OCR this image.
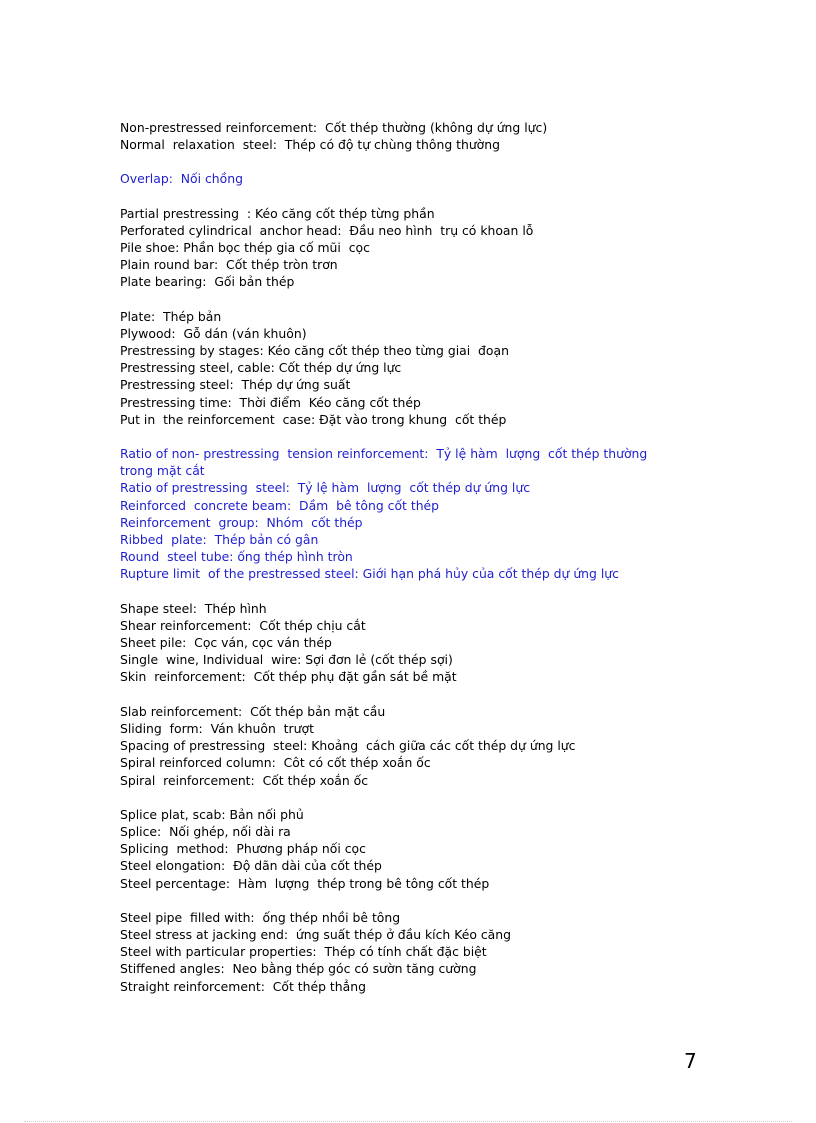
Non-prestressed reinforcement:  Cốt thép thường (không dự ứng lực)
Normal  relaxation  steel:  Thép có độ tự chùng thông thường
Overlap:  Nối chồng
Partial prestressing  : Kéo căng cốt thép từng phần
Perforated cylindrical  anchor head:  Đầu neo hình  trụ có khoan lỗ
Pile shoe: Phần bọc thép gia cố mũi  cọc
Plain round bar:  Cốt thép tròn trơn
Plate bearing:  Gối bản thép
Plate:  Thép bản
Plywood:  Gỗ dán (ván khuôn)
Prestressing by stages: Kéo căng cốt thép theo từng giai  đoạn
Prestressing steel, cable: Cốt thép dự ứng lực
Prestressing steel:  Thép dự ứng suất
Prestressing time:  Thời điểm  Kéo căng cốt thép
Put in  the reinforcement  case: Đặt vào trong khung  cốt thép
Ratio of non- prestressing  tension reinforcement:  Tỷ lệ hàm  lượng  cốt thép thường
trong mặt cắt
Ratio of prestressing  steel:  Tỷ lệ hàm  lượng  cốt thép dự ứng lực
Reinforced  concrete beam:  Dầm  bê tông cốt thép
Reinforcement  group:  Nhóm  cốt thép
Ribbed  plate:  Thép bản có gân
Round  steel tube: ống thép hình tròn
Rupture limit  of the prestressed steel: Giới hạn phá hủy của cốt thép dự ứng lực
Shape steel:  Thép hình
Shear reinforcement:  Cốt thép chịu cắt
Sheet pile:  Cọc ván, cọc ván thép
Single  wine, Individual  wire: Sợi đơn lẻ (cốt thép sợi)
Skin  reinforcement:  Cốt thép phụ đặt gần sát bề mặt
Slab reinforcement:  Cốt thép bản mặt cầu
Sliding  form:  Ván khuôn  trượt
Spacing of prestressing  steel: Khoảng  cách giữa các cốt thép dự ứng lực
Spiral reinforced column:  Côt có cốt thép xoắn ốc
Spiral  reinforcement:  Cốt thép xoắn ốc
Splice plat, scab: Bản nối phủ
Splice:  Nối ghép, nối dài ra
Splicing  method:  Phương pháp nối cọc
Steel elongation:  Độ dãn dài của cốt thép
Steel percentage:  Hàm  lượng  thép trong bê tông cốt thép
Steel pipe  filled with:  ống thép nhồi bê tông
Steel stress at jacking end:  ứng suất thép ở đầu kích Kéo căng
Steel with particular properties:  Thép có tính chất đặc biệt
Stiffened angles:  Neo bằng thép góc có sườn tăng cường
Straight reinforcement:  Cốt thép thẳng
7
